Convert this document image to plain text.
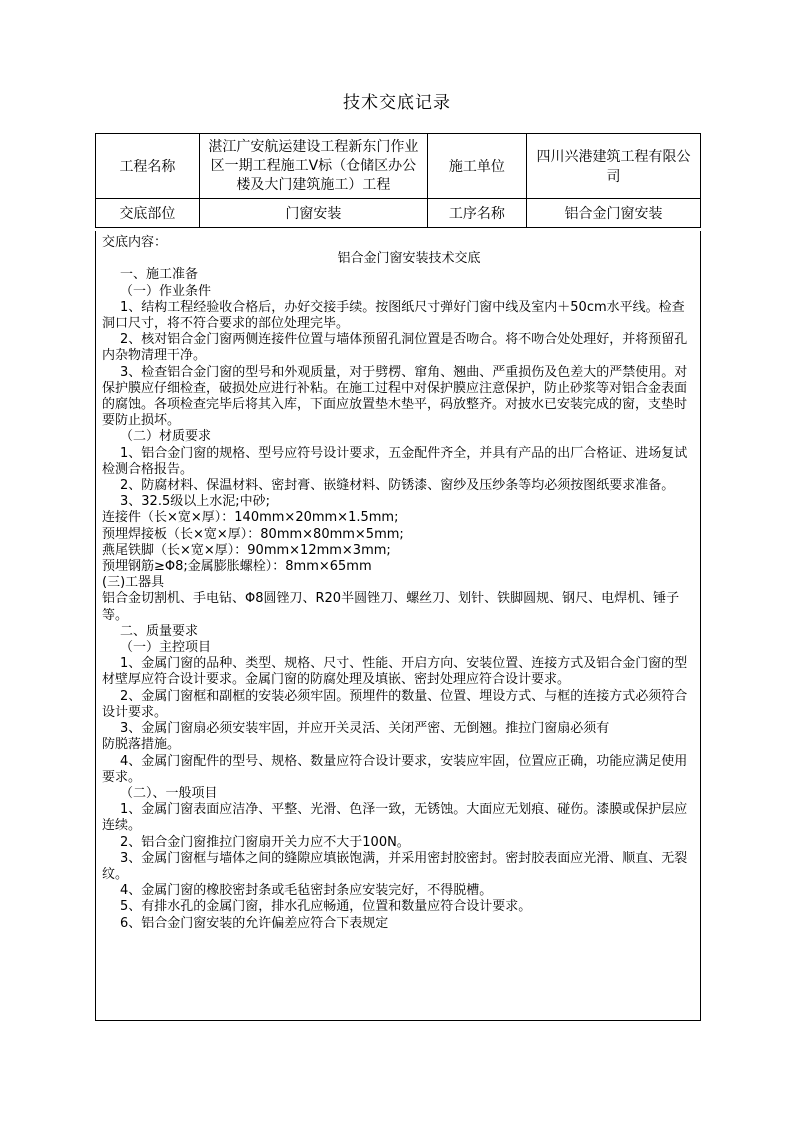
技术交底记录
工程名称	湛江广安航运建设工程新东门作业区一期工程施工Ⅴ标（仓储区办公楼及大门建筑施工）工程	施工单位	四川兴港建筑工程有限公司
交底部位	门窗安装	工序名称	铝合金门窗安装

交底内容：

铝合金门窗安装技术交底

一、施工准备

（一）作业条件

1、结构工程经验收合格后，办好交接手续。按图纸尺寸弹好门窗中线及室内＋50cm水平线。检查洞口尺寸，将不符合要求的部位处理完毕。

2、核对铝合金门窗两侧连接件位置与墙体预留孔洞位置是否吻合。将不吻合处处理好，并将预留孔内杂物清理干净。

3、检查铝合金门窗的型号和外观质量，对于劈楞、窜角、翘曲、严重损伤及色差大的严禁使用。对保护膜应仔细检查，破损处应进行补粘。在施工过程中对保护膜应注意保护，防止砂浆等对铝合金表面的腐蚀。各项检查完毕后将其入库，下面应放置垫木垫平，码放整齐。对披水已安装完成的窗，支垫时要防止损坏。

（二）材质要求

1、铝合金门窗的规格、型号应符号设计要求，五金配件齐全，并具有产品的出厂合格证、进场复试检测合格报告。

2、防腐材料、保温材料、密封膏、嵌缝材料、防锈漆、窗纱及压纱条等均必须按图纸要求准备。

3、32.5级以上水泥;中砂;

连接件（长×宽×厚）：140mm×20mm×1.5mm;

预埋焊接板（长×宽×厚）：80mm×80mm×5mm;

燕尾铁脚（长×宽×厚）：90mm×12mm×3mm;

预埋钢筋≥Φ8;金属膨胀螺栓）：8mm×65mm

(三)工器具

铝合金切割机、手电钻、Φ8圆锉刀、R20半圆锉刀、螺丝刀、划针、铁脚圆规、钢尺、电焊机、锤子等。

二、质量要求

（一）主控项目

1、金属门窗的品种、类型、规格、尺寸、性能、开启方向、安装位置、连接方式及铝合金门窗的型材壁厚应符合设计要求。金属门窗的防腐处理及填嵌、密封处理应符合设计要求。

2、金属门窗框和副框的安装必须牢固。预埋件的数量、位置、埋设方式、与框的连接方式必须符合设计要求。

3、金属门窗扇必须安装牢固，并应开关灵活、关闭严密、无倒翘。推拉门窗扇必须有

防脱落措施。

4、金属门窗配件的型号、规格、数量应符合设计要求，安装应牢固，位置应正确，功能应满足使用要求。

（二）、一般项目

1、金属门窗表面应洁净、平整、光滑、色泽一致，无锈蚀。大面应无划痕、碰伤。漆膜或保护层应连续。

2、铝合金门窗推拉门窗扇开关力应不大于100N。

3、金属门窗框与墙体之间的缝隙应填嵌饱满，并采用密封胶密封。密封胶表面应光滑、顺直、无裂纹。

4、金属门窗的橡胶密封条或毛毡密封条应安装完好，不得脱槽。

5、有排水孔的金属门窗，排水孔应畅通，位置和数量应符合设计要求。

6、铝合金门窗安装的允许偏差应符合下表规定
